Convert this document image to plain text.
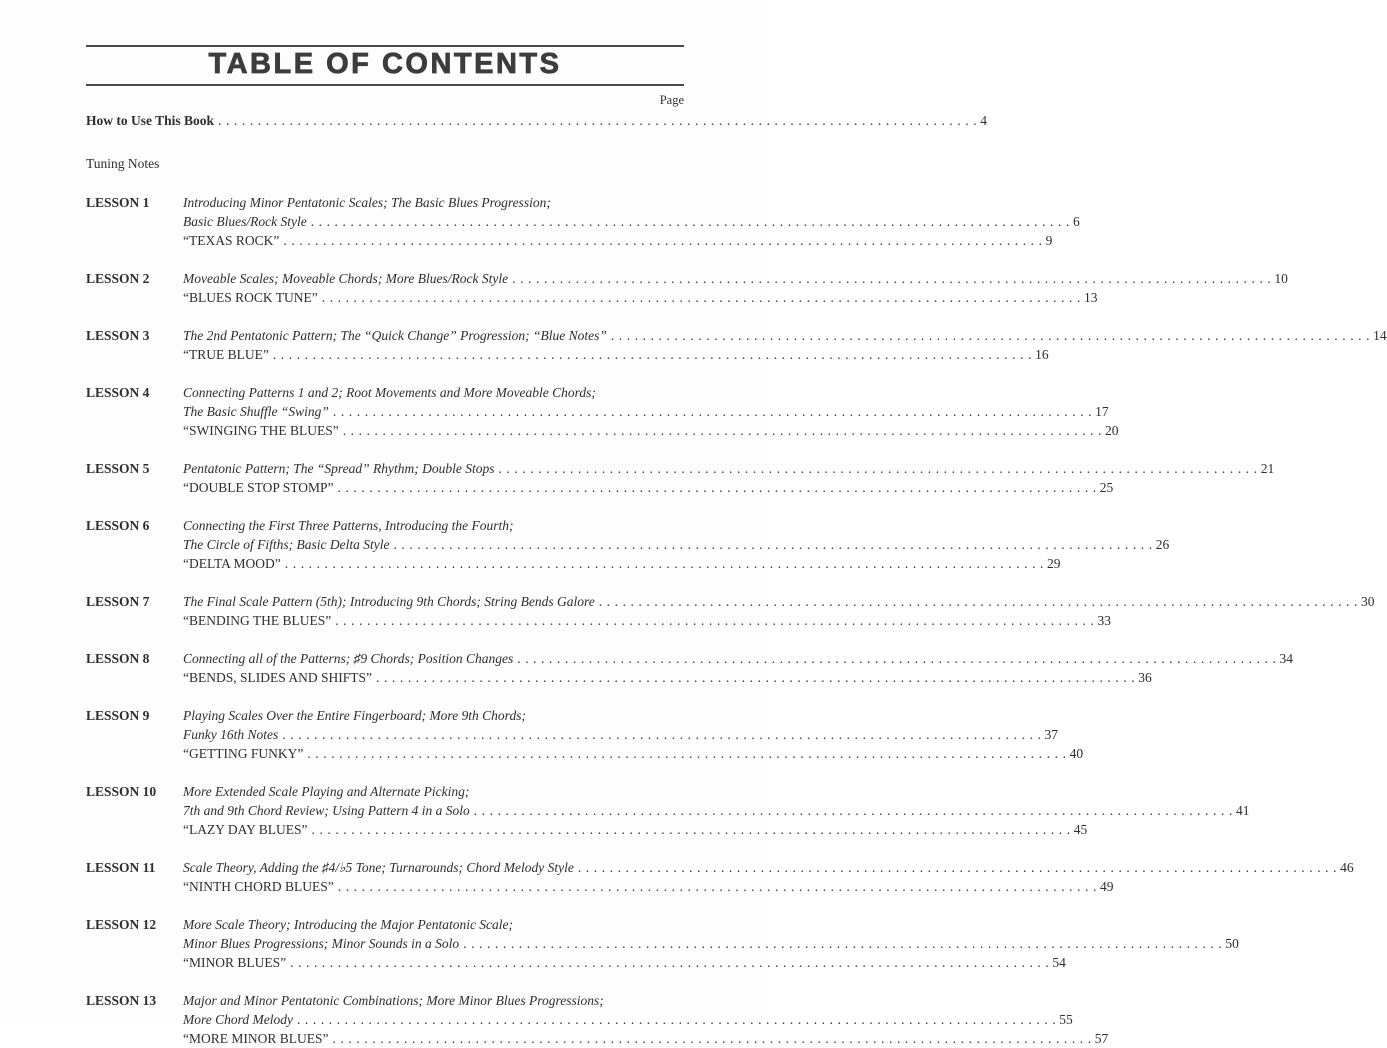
TABLE OF CONTENTS
Page
How to Use This Book . . .	4
Tuning Notes
LESSON 1	Introducing Minor Pentatonic Scales; The Basic Blues Progression;
Basic Blues/Rock Style . . .	6
“TEXAS ROCK” . . .	9
LESSON 2	Moveable Scales; Moveable Chords; More Blues/Rock Style . . .	10
“BLUES ROCK TUNE” . . .	13
LESSON 3	The 2nd Pentatonic Pattern; The “Quick Change” Progression; “Blue Notes” . . .	14
“TRUE BLUE” . . .	16
LESSON 4	Connecting Patterns 1 and 2; Root Movements and More Moveable Chords;
The Basic Shuffle “Swing” . . .	17
“SWINGING THE BLUES” . . .	20
LESSON 5	Pentatonic Pattern; The “Spread” Rhythm; Double Stops . . .	21
“DOUBLE STOP STOMP” . . .	25
LESSON 6	Connecting the First Three Patterns, Introducing the Fourth;
The Circle of Fifths; Basic Delta Style . . .	26
“DELTA MOOD” . . .	29
LESSON 7	The Final Scale Pattern (5th); Introducing 9th Chords; String Bends Galore . . .	30
“BENDING THE BLUES” . . .	33
LESSON 8	Connecting all of the Patterns; ♯9 Chords; Position Changes . . .	34
“BENDS, SLIDES AND SHIFTS” . . .	36
LESSON 9	Playing Scales Over the Entire Fingerboard; More 9th Chords;
Funky 16th Notes . . .	37
“GETTING FUNKY” . . .	40
LESSON 10	More Extended Scale Playing and Alternate Picking;
7th and 9th Chord Review; Using Pattern 4 in a Solo . . .	41
“LAZY DAY BLUES” . . .	45
LESSON 11	Scale Theory, Adding the ♯4/♭5 Tone; Turnarounds; Chord Melody Style . . .	46
“NINTH CHORD BLUES” . . .	49
LESSON 12	More Scale Theory; Introducing the Major Pentatonic Scale;
Minor Blues Progressions; Minor Sounds in a Solo . . .	50
“MINOR BLUES” . . .	54
LESSON 13	Major and Minor Pentatonic Combinations; More Minor Blues Progressions;
More Chord Melody . . .	55
“MORE MINOR BLUES” . . .	57
